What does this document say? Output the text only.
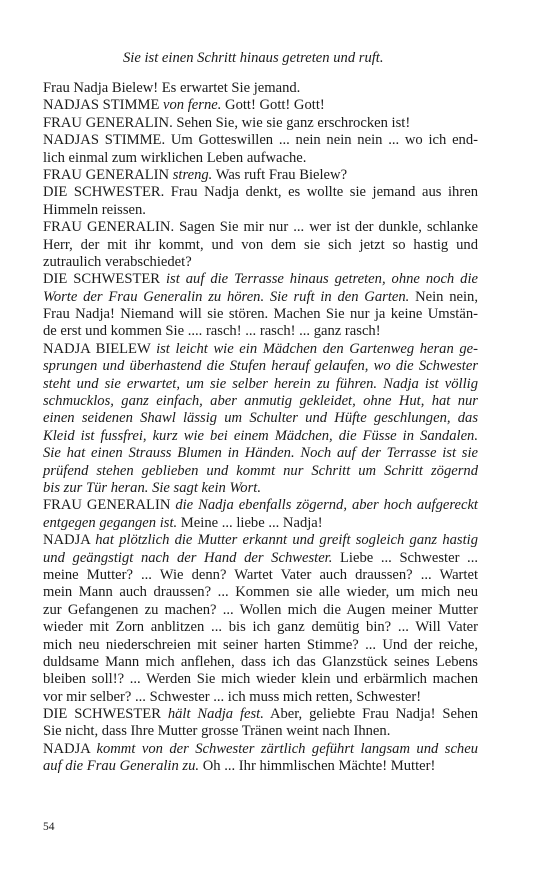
Sie ist einen Schritt hinaus getreten und ruft.

Frau Nadja Bielew! Es erwartet Sie jemand.
NADJAS STIMME von ferne. Gott! Gott! Gott!
FRAU GENERALIN. Sehen Sie, wie sie ganz erschrocken ist!
NADJAS STIMME. Um Gotteswillen ... nein nein nein ... wo ich end-
lich einmal zum wirklichen Leben aufwache.
FRAU GENERALIN streng. Was ruft Frau Bielew?
DIE SCHWESTER. Frau Nadja denkt, es wollte sie jemand aus ihren
Himmeln reissen.
FRAU GENERALIN. Sagen Sie mir nur ... wer ist der dunkle, schlanke
Herr, der mit ihr kommt, und von dem sie sich jetzt so hastig und
zutraulich verabschiedet?
DIE SCHWESTER ist auf die Terrasse hinaus getreten, ohne noch die
Worte der Frau Generalin zu hören. Sie ruft in den Garten. Nein nein,
Frau Nadja! Niemand will sie stören. Machen Sie nur ja keine Umstän-
de erst und kommen Sie .... rasch! ... rasch! ... ganz rasch!
NADJA BIELEW ist leicht wie ein Mädchen den Gartenweg heran ge-
sprungen und überhastend die Stufen herauf gelaufen, wo die Schwester
steht und sie erwartet, um sie selber herein zu führen. Nadja ist völlig
schmucklos, ganz einfach, aber anmutig gekleidet, ohne Hut, hat nur
einen seidenen Shawl lässig um Schulter und Hüfte geschlungen, das
Kleid ist fussfrei, kurz wie bei einem Mädchen, die Füsse in Sandalen.
Sie hat einen Strauss Blumen in Händen. Noch auf der Terrasse ist sie
prüfend stehen geblieben und kommt nur Schritt um Schritt zögernd
bis zur Tür heran. Sie sagt kein Wort.
FRAU GENERALIN die Nadja ebenfalls zögernd, aber hoch aufgereckt
entgegen gegangen ist. Meine ... liebe ... Nadja!
NADJA hat plötzlich die Mutter erkannt und greift sogleich ganz hastig
und geängstigt nach der Hand der Schwester. Liebe ... Schwester ...
meine Mutter? ... Wie denn? Wartet Vater auch draussen? ... Wartet
mein Mann auch draussen? ... Kommen sie alle wieder, um mich neu
zur Gefangenen zu machen? ... Wollen mich die Augen meiner Mutter
wieder mit Zorn anblitzen ... bis ich ganz demütig bin? ... Will Vater
mich neu niederschreien mit seiner harten Stimme? ... Und der reiche,
duldsame Mann mich anflehen, dass ich das Glanzstück seines Lebens
bleiben soll!? ... Werden Sie mich wieder klein und erbärmlich machen
vor mir selber? ... Schwester ... ich muss mich retten, Schwester!
DIE SCHWESTER hält Nadja fest. Aber, geliebte Frau Nadja! Sehen
Sie nicht, dass Ihre Mutter grosse Tränen weint nach Ihnen.
NADJA kommt von der Schwester zärtlich geführt langsam und scheu
auf die Frau Generalin zu. Oh ... Ihr himmlischen Mächte! Mutter!
54
